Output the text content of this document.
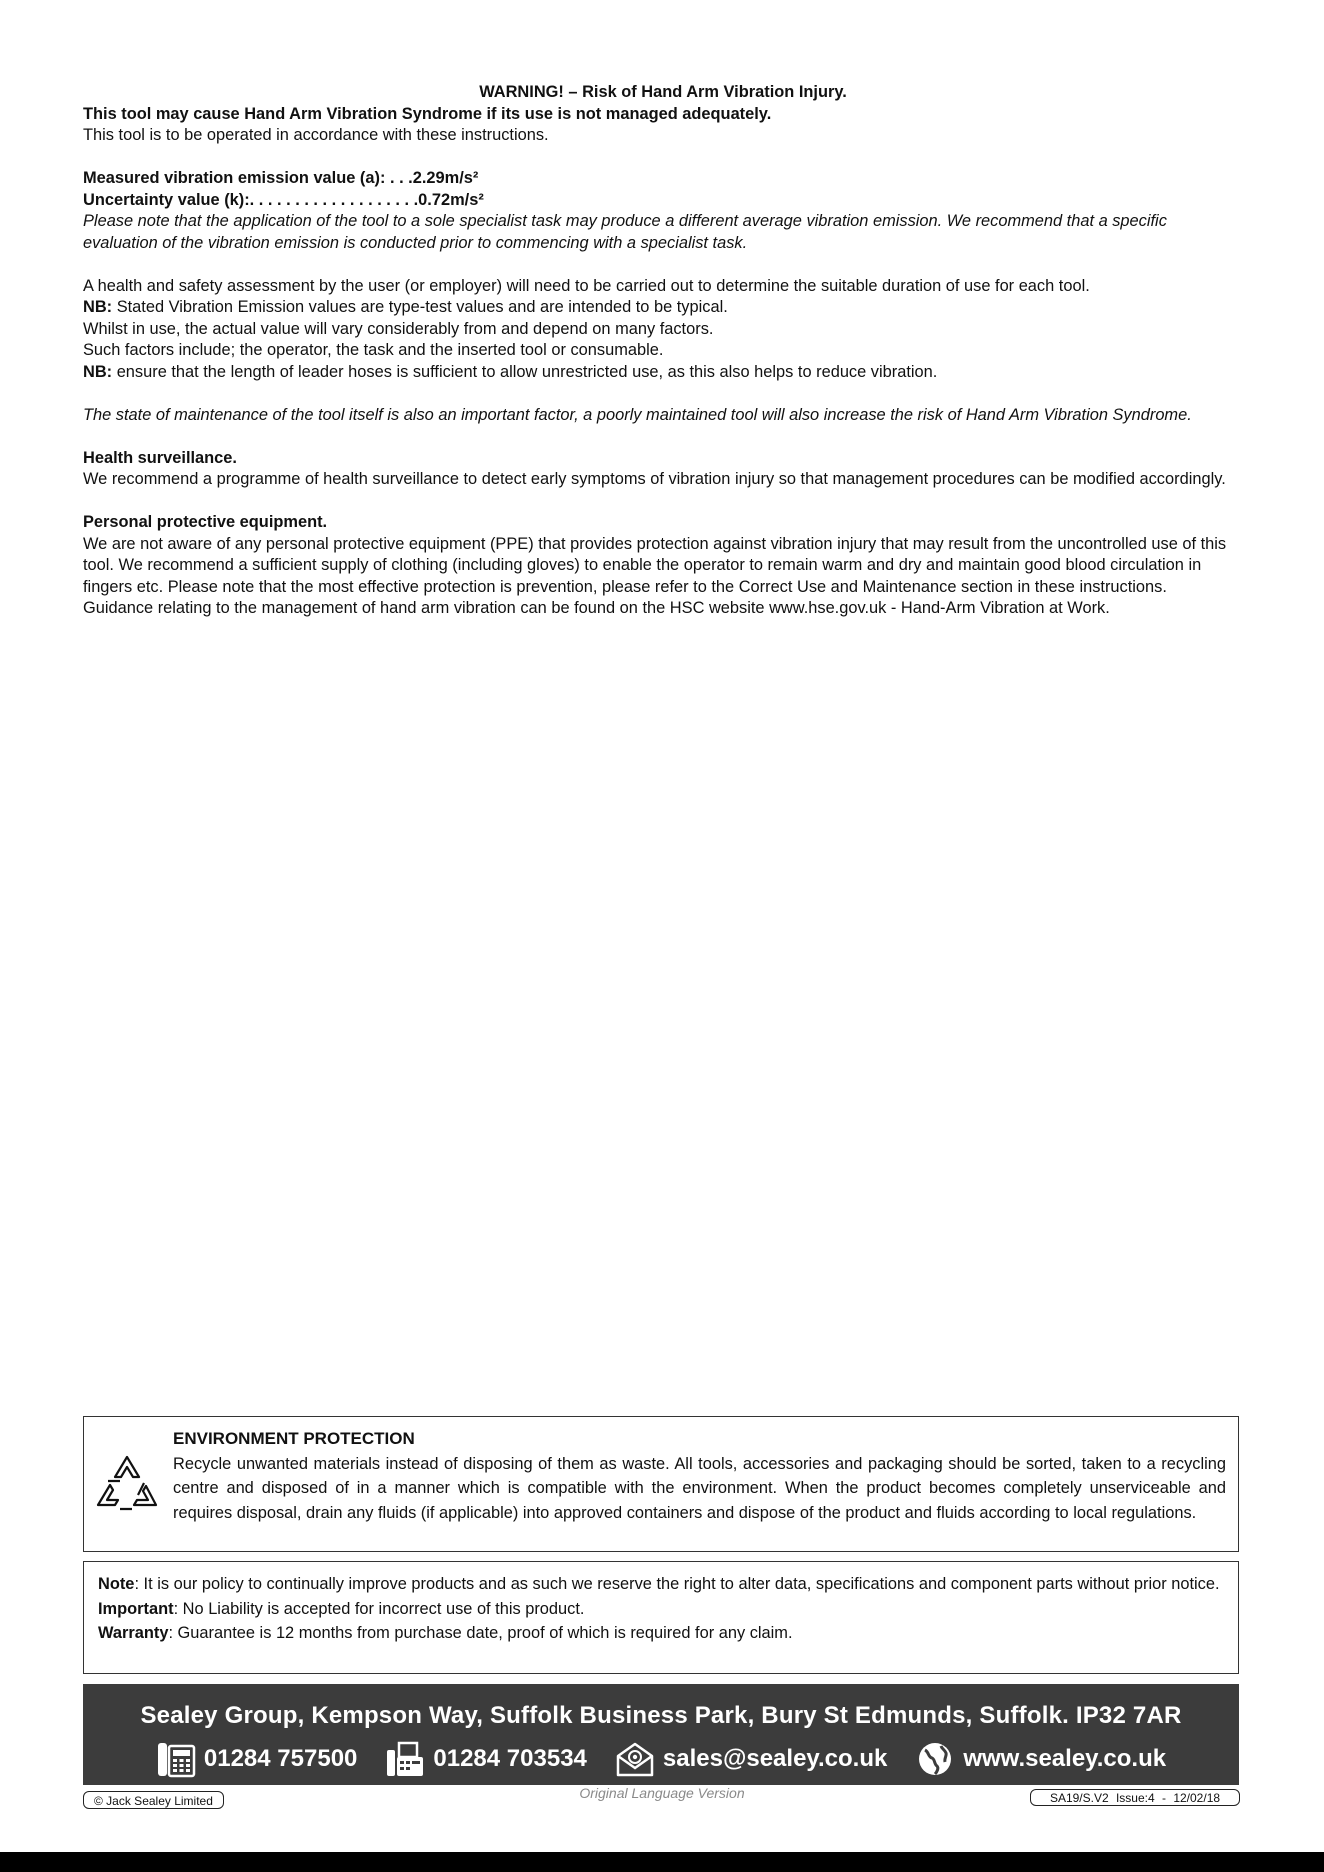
WARNING! – Risk of Hand Arm Vibration Injury.

This tool may cause Hand Arm Vibration Syndrome if its use is not managed adequately.

This tool is to be operated in accordance with these instructions.

Measured vibration emission value (a): . . .2.29m/s²

Uncertainty value (k):. . . . . . . . . . . . . . . . . . .0.72m/s²

Please note that the application of the tool to a sole specialist task may produce a different average vibration emission. We recommend that a specific evaluation of the vibration emission is conducted prior to commencing with a specialist task.

A health and safety assessment by the user (or employer) will need to be carried out to determine the suitable duration of use for each tool.

NB: Stated Vibration Emission values are type-test values and are intended to be typical.

Whilst in use, the actual value will vary considerably from and depend on many factors.

Such factors include; the operator, the task and the inserted tool or consumable.

NB: ensure that the length of leader hoses is sufficient to allow unrestricted use, as this also helps to reduce vibration.

The state of maintenance of the tool itself is also an important factor, a poorly maintained tool will also increase the risk of Hand Arm Vibration Syndrome.

Health surveillance.

We recommend a programme of health surveillance to detect early symptoms of vibration injury so that management procedures can be modified accordingly.

Personal protective equipment.

We are not aware of any personal protective equipment (PPE) that provides protection against vibration injury that may result from the uncontrolled use of this tool. We recommend a sufficient supply of clothing (including gloves) to enable the operator to remain warm and dry and maintain good blood circulation in fingers etc. Please note that the most effective protection is prevention, please refer to the Correct Use and Maintenance section in these instructions.

Guidance relating to the management of hand arm vibration can be found on the HSC website www.hse.gov.uk - Hand-Arm Vibration at Work.

ENVIRONMENT PROTECTION
Recycle unwanted materials instead of disposing of them as waste. All tools, accessories and packaging should be sorted, taken to a recycling centre and disposed of in a manner which is compatible with the environment. When the product becomes completely unserviceable and requires disposal, drain any fluids (if applicable) into approved containers and dispose of the product and fluids according to local regulations.
Note: It is our policy to continually improve products and as such we reserve the right to alter data, specifications and component parts without prior notice.
Important: No Liability is accepted for incorrect use of this product.
Warranty: Guarantee is 12 months from purchase date, proof of which is required for any claim.
Sealey Group, Kempson Way, Suffolk Business Park, Bury St Edmunds, Suffolk. IP32 7AR
01284 757500	01284 703534	sales@sealey.co.uk	www.sealey.co.uk
© Jack Sealey Limited	Original Language Version	SA19/S.V2 Issue:4 - 12/02/18
